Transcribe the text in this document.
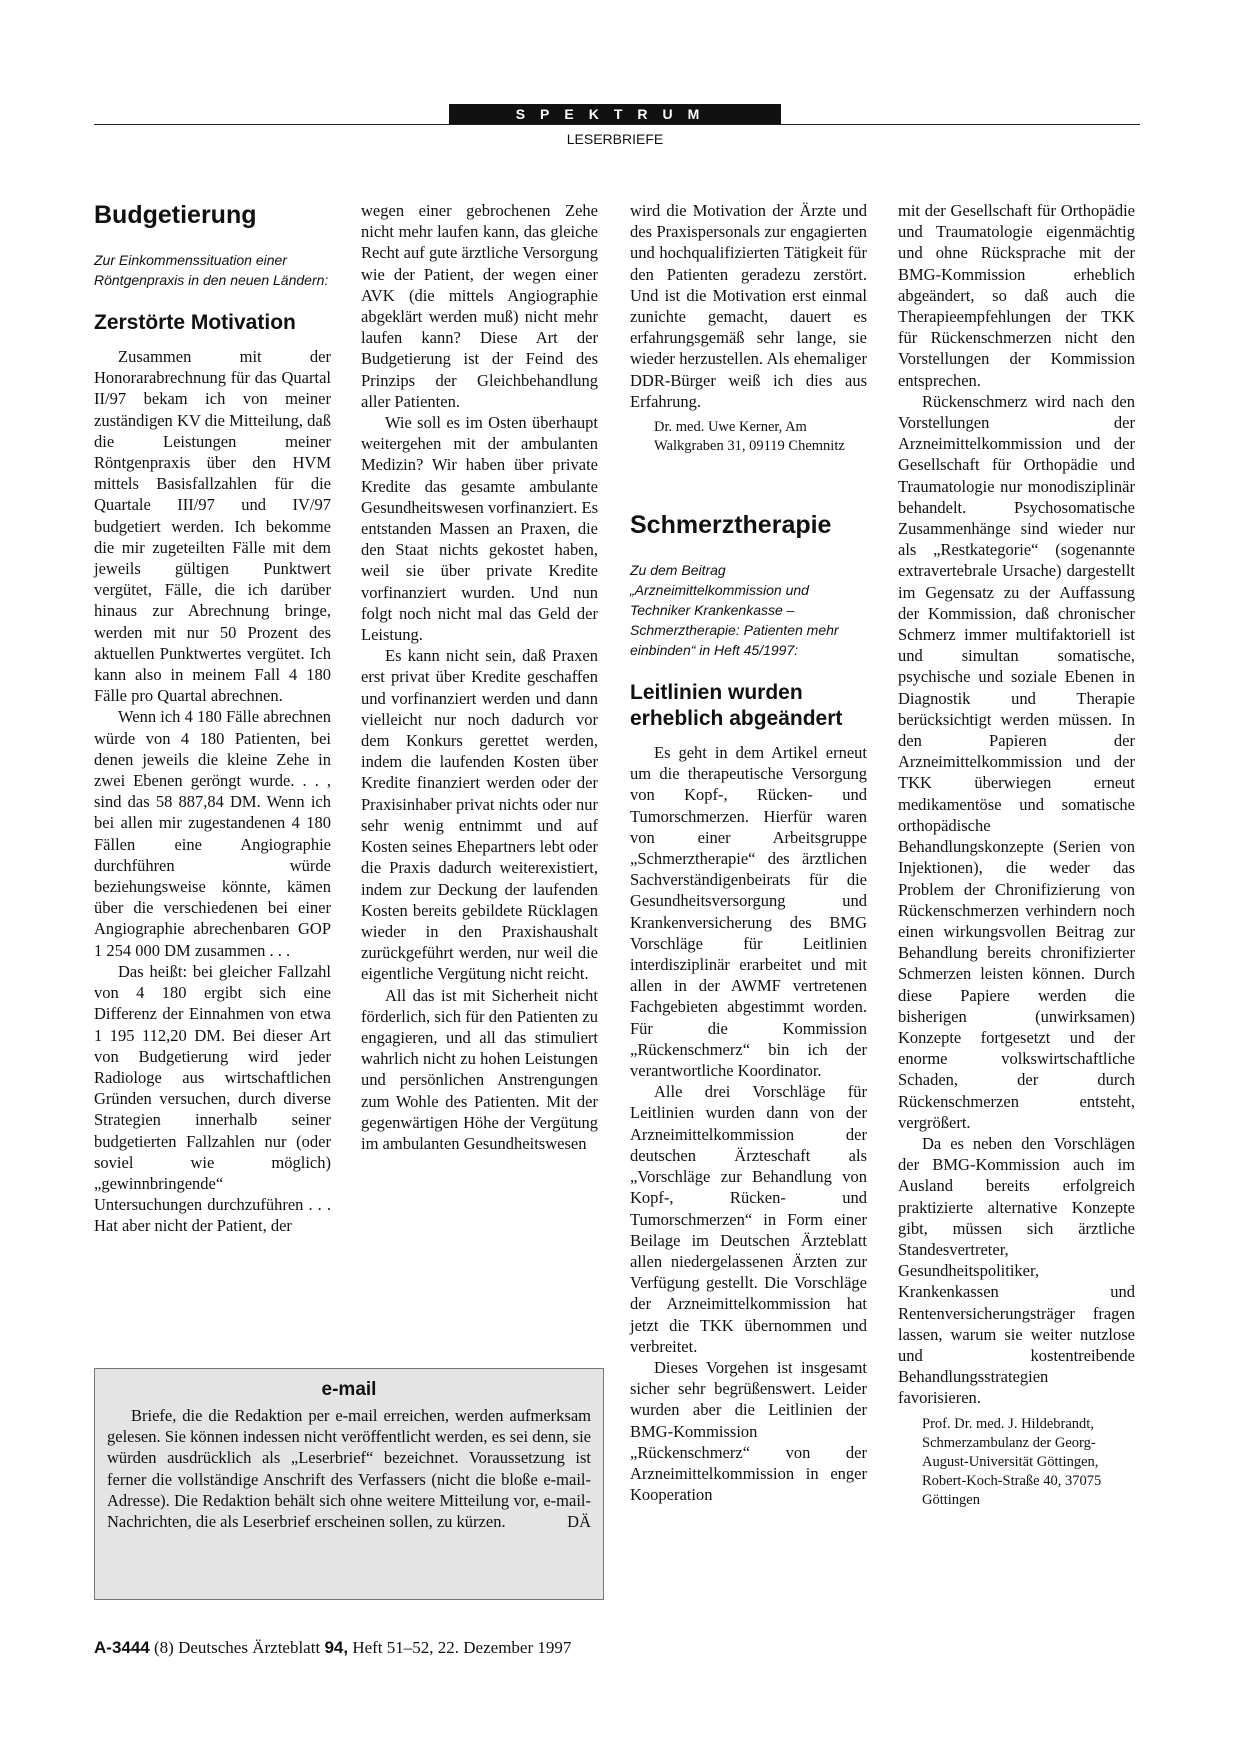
SPEKTRUM
LESERBRIEFE
Budgetierung
Zur Einkommenssituation einer Röntgenpraxis in den neuen Ländern:
Zerstörte Motivation

Zusammen mit der Honorarabrechnung für das Quartal II/97 bekam ich von meiner zuständigen KV die Mitteilung, daß die Leistungen meiner Röntgenpraxis über den HVM mittels Basisfallzahlen für die Quartale III/97 und IV/97 budgetiert werden. Ich bekomme die mir zugeteilten Fälle mit dem jeweils gültigen Punktwert vergütet, Fälle, die ich darüber hinaus zur Abrechnung bringe, werden mit nur 50 Prozent des aktuellen Punktwertes vergütet. Ich kann also in meinem Fall 4 180 Fälle pro Quartal abrechnen.

Wenn ich 4 180 Fälle abrechnen würde von 4 180 Patienten, bei denen jeweils die kleine Zehe in zwei Ebenen geröngt wurde. . . , sind das 58 887,84 DM. Wenn ich bei allen mir zugestandenen 4 180 Fällen eine Angiographie durchführen würde beziehungsweise könnte, kämen über die verschiedenen bei einer Angiographie abrechenbaren GOP 1 254 000 DM zusammen . . .

Das heißt: bei gleicher Fallzahl von 4 180 ergibt sich eine Differenz der Einnahmen von etwa 1 195 112,20 DM. Bei dieser Art von Budgetierung wird jeder Radiologe aus wirtschaftlichen Gründen versuchen, durch diverse Strategien innerhalb seiner budgetierten Fallzahlen nur (oder soviel wie möglich) „gewinnbringende“ Untersuchungen durchzuführen . . . Hat aber nicht der Patient, der

wegen einer gebrochenen Zehe nicht mehr laufen kann, das gleiche Recht auf gute ärztliche Versorgung wie der Patient, der wegen einer AVK (die mittels Angiographie abgeklärt werden muß) nicht mehr laufen kann? Diese Art der Budgetierung ist der Feind des Prinzips der Gleichbehandlung aller Patienten.

Wie soll es im Osten überhaupt weitergehen mit der ambulanten Medizin? Wir haben über private Kredite das gesamte ambulante Gesundheitswesen vorfinanziert. Es entstanden Massen an Praxen, die den Staat nichts gekostet haben, weil sie über private Kredite vorfinanziert wurden. Und nun folgt noch nicht mal das Geld der Leistung.

Es kann nicht sein, daß Praxen erst privat über Kredite geschaffen und vorfinanziert werden und dann vielleicht nur noch dadurch vor dem Konkurs gerettet werden, indem die laufenden Kosten über Kredite finanziert werden oder der Praxisinhaber privat nichts oder nur sehr wenig entnimmt und auf Kosten seines Ehepartners lebt oder die Praxis dadurch weiterexistiert, indem zur Deckung der laufenden Kosten bereits gebildete Rücklagen wieder in den Praxishaushalt zurückgeführt werden, nur weil die eigentliche Vergütung nicht reicht.

All das ist mit Sicherheit nicht förderlich, sich für den Patienten zu engagieren, und all das stimuliert wahrlich nicht zu hohen Leistungen und persönlichen Anstrengungen zum Wohle des Patienten. Mit der gegenwärtigen Höhe der Vergütung im ambulanten Gesundheitswesen

wird die Motivation der Ärzte und des Praxispersonals zur engagierten und hochqualifizierten Tätigkeit für den Patienten geradezu zerstört. Und ist die Motivation erst einmal zunichte gemacht, dauert es erfahrungsgemäß sehr lange, sie wieder herzustellen. Als ehemaliger DDR-Bürger weiß ich dies aus Erfahrung.

Dr. med. Uwe Kerner, Am Walkgraben 31, 09119 Chemnitz

Schmerztherapie
Zu dem Beitrag „Arzneimittelkommission und Techniker Krankenkasse – Schmerztherapie: Patienten mehr einbinden“ in Heft 45/1997:
Leitlinien wurden erheblich abgeändert

Es geht in dem Artikel erneut um die therapeutische Versorgung von Kopf-, Rücken- und Tumorschmerzen. Hierfür waren von einer Arbeitsgruppe „Schmerztherapie“ des ärztlichen Sachverständigenbeirats für die Gesundheitsversorgung und Krankenversicherung des BMG Vorschläge für Leitlinien interdisziplinär erarbeitet und mit allen in der AWMF vertretenen Fachgebieten abgestimmt worden. Für die Kommission „Rückenschmerz“ bin ich der verantwortliche Koordinator.

Alle drei Vorschläge für Leitlinien wurden dann von der Arzneimittelkommission der deutschen Ärzteschaft als „Vorschläge zur Behandlung von Kopf-, Rücken- und Tumorschmerzen“ in Form einer Beilage im Deutschen Ärzteblatt allen niedergelassenen Ärzten zur Verfügung gestellt. Die Vorschläge der Arzneimittelkommission hat jetzt die TKK übernommen und verbreitet.

Dieses Vorgehen ist insgesamt sicher sehr begrüßenswert. Leider wurden aber die Leitlinien der BMG-Kommission „Rückenschmerz“ von der Arzneimittelkommission in enger Kooperation

mit der Gesellschaft für Orthopädie und Traumatologie eigenmächtig und ohne Rücksprache mit der BMG-Kommission erheblich abgeändert, so daß auch die Therapieempfehlungen der TKK für Rückenschmerzen nicht den Vorstellungen der Kommission entsprechen.

Rückenschmerz wird nach den Vorstellungen der Arzneimittelkommission und der Gesellschaft für Orthopädie und Traumatologie nur monodisziplinär behandelt. Psychosomatische Zusammenhänge sind wieder nur als „Restkategorie“ (sogenannte extravertebrale Ursache) dargestellt im Gegensatz zu der Auffassung der Kommission, daß chronischer Schmerz immer multifaktoriell ist und simultan somatische, psychische und soziale Ebenen in Diagnostik und Therapie berücksichtigt werden müssen. In den Papieren der Arzneimittelkommission und der TKK überwiegen erneut medikamentöse und somatische orthopädische Behandlungskonzepte (Serien von Injektionen), die weder das Problem der Chronifizierung von Rückenschmerzen verhindern noch einen wirkungsvollen Beitrag zur Behandlung bereits chronifizierter Schmerzen leisten können. Durch diese Papiere werden die bisherigen (unwirksamen) Konzepte fortgesetzt und der enorme volkswirtschaftliche Schaden, der durch Rückenschmerzen entsteht, vergrößert.

Da es neben den Vorschlägen der BMG-Kommission auch im Ausland bereits erfolgreich praktizierte alternative Konzepte gibt, müssen sich ärztliche Standesvertreter, Gesundheitspolitiker, Krankenkassen und Rentenversicherungsträger fragen lassen, warum sie weiter nutzlose und kostentreibende Behandlungsstrategien favorisieren.

Prof. Dr. med. J. Hildebrandt, Schmerzambulanz der Georg-August-Universität Göttingen, Robert-Koch-Straße 40, 37075 Göttingen

e-mail

Briefe, die die Redaktion per e-mail erreichen, werden aufmerksam gelesen. Sie können indessen nicht veröffentlicht werden, es sei denn, sie würden ausdrücklich als „Leserbrief“ bezeichnet. Voraussetzung ist ferner die vollständige Anschrift des Verfassers (nicht die bloße e-mail-Adresse). Die Redaktion behält sich ohne weitere Mitteilung vor, e-mail-Nachrichten, die als Leserbrief erscheinen sollen, zu kürzen.	DÄ

A-3444 (8) Deutsches Ärzteblatt 94, Heft 51–52, 22. Dezember 1997
